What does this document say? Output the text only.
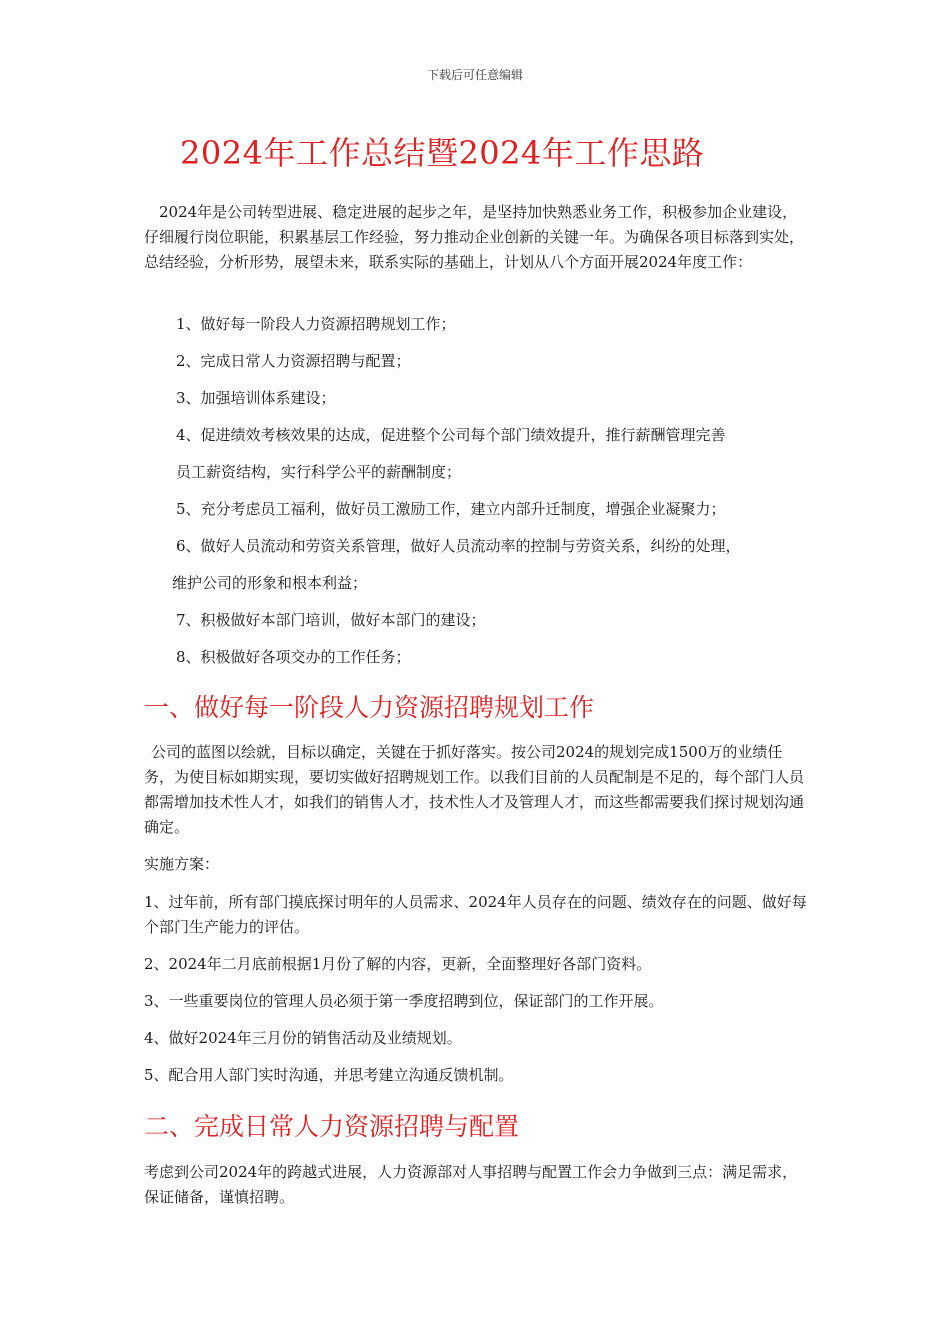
下载后可任意编辑
2024年工作总结暨2024年工作思路

2024年是公司转型进展、稳定进展的起步之年，是坚持加快熟悉业务工作，积极参加企业建设，仔细履行岗位职能，积累基层工作经验，努力推动企业创新的关键一年。为确保各项目标落到实处，总结经验，分析形势，展望未来，联系实际的基础上，计划从八个方面开展2024年度工作：

1、做好每一阶段人力资源招聘规划工作；
2、完成日常人力资源招聘与配置；
3、加强培训体系建设；
4、促进绩效考核效果的达成，促进整个公司每个部门绩效提升，推行薪酬管理完善
员工薪资结构，实行科学公平的薪酬制度；
5、充分考虑员工福利，做好员工激励工作，建立内部升迁制度，增强企业凝聚力；
6、做好人员流动和劳资关系管理，做好人员流动率的控制与劳资关系，纠纷的处理，
维护公司的形象和根本利益；
7、积极做好本部门培训，做好本部门的建设；
8、积极做好各项交办的工作任务；
一、做好每一阶段人力资源招聘规划工作

公司的蓝图以绘就，目标以确定，关键在于抓好落实。按公司2024的规划完成1500万的业绩任务，为使目标如期实现，要切实做好招聘规划工作。以我们目前的人员配制是不足的，每个部门人员都需增加技术性人才，如我们的销售人才，技术性人才及管理人才，而这些都需要我们探讨规划沟通确定。

实施方案：

1、过年前，所有部门摸底探讨明年的人员需求、2024年人员存在的问题、绩效存在的问题、做好每个部门生产能力的评估。

2、2024年二月底前根据1月份了解的内容，更新，全面整理好各部门资料。
3、一些重要岗位的管理人员必须于第一季度招聘到位，保证部门的工作开展。
4、做好2024年三月份的销售活动及业绩规划。
5、配合用人部门实时沟通，并思考建立沟通反馈机制。
二、完成日常人力资源招聘与配置

考虑到公司2024年的跨越式进展，人力资源部对人事招聘与配置工作会力争做到三点：满足需求，保证储备，谨慎招聘。
